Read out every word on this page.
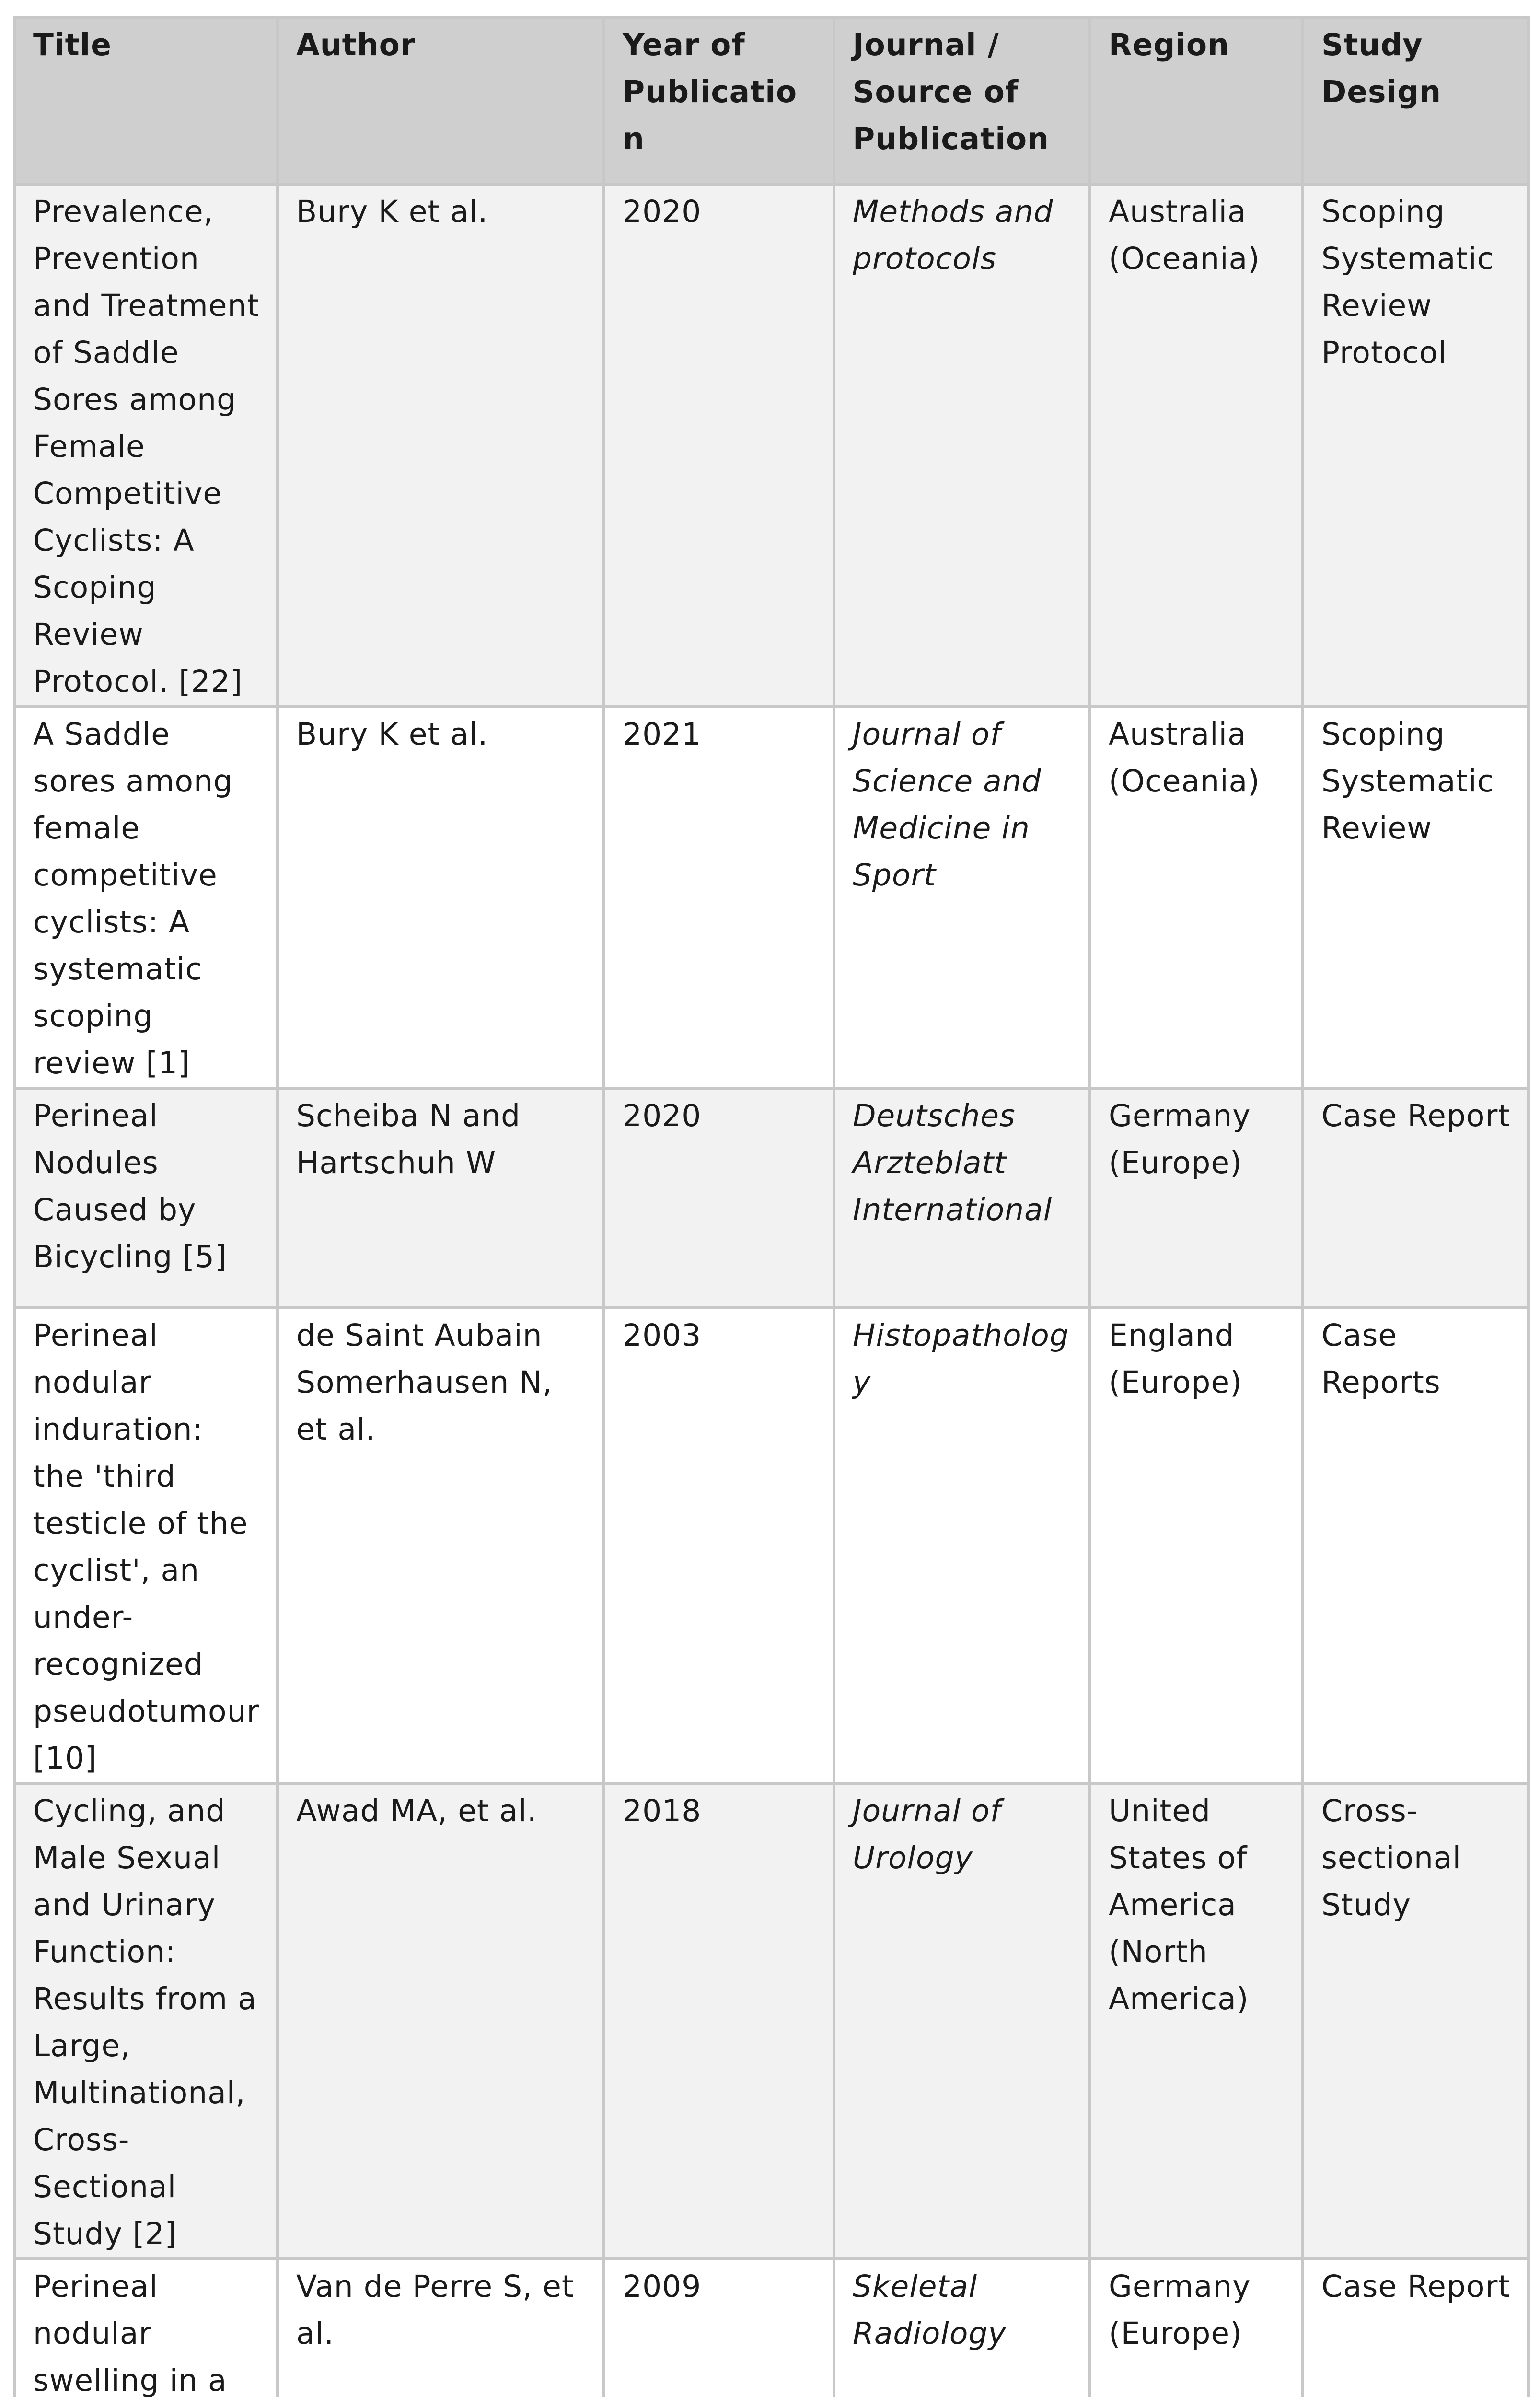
Title	Author	Year of Publication	Journal / Source of Publication	Region	Study Design
Prevalence, Prevention and Treatment of Saddle Sores among Female Competitive Cyclists: A Scoping Review Protocol. [22]	Bury K et al.	2020	Methods and protocols	Australia (Oceania)	Scoping Systematic Review Protocol
A Saddle sores among female competitive cyclists: A systematic scoping review [1]	Bury K et al.	2021	Journal of Science and Medicine in Sport	Australia (Oceania)	Scoping Systematic Review
Perineal Nodules Caused by Bicycling [5]	Scheiba N and Hartschuh W	2020	Deutsches Arzteblatt International	Germany (Europe)	Case Report
Perineal nodular induration: the 'third testicle of the cyclist', an under-recognized pseudotumour [10]	de Saint Aubain Somerhausen N, et al.	2003	Histopathology	England (Europe)	Case Reports
Cycling, and Male Sexual and Urinary Function: Results from a Large, Multinational, Cross-Sectional Study [2]	Awad MA, et al.	2018	Journal of Urology	United States of America (North America)	Cross-sectional Study
Perineal nodular swelling in a	Van de Perre S, et al.	2009	Skeletal Radiology	Germany (Europe)	Case Report
